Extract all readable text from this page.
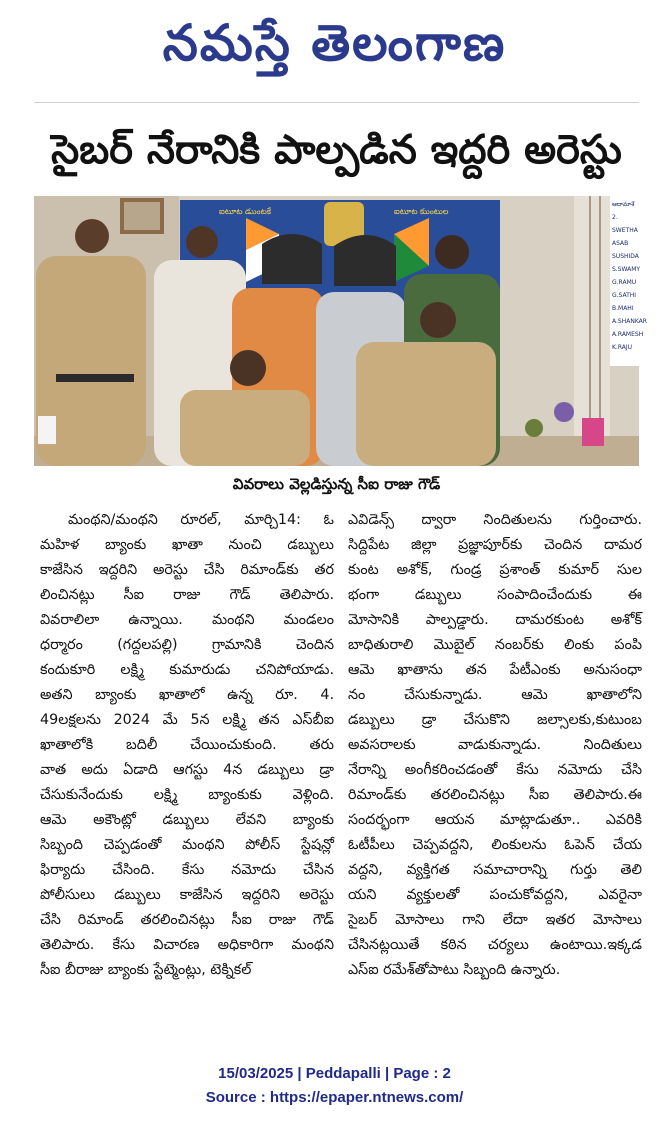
నమస్తే తెలంగాణ
సైబర్ నేరానికి పాల్పడిన ఇద్దరి అరెస్టు
ఐటూట డుుంటకే	ఐటూట కుుంటుల
ఆదామాశే
2.
SWETHA
ASAB
SUSHIDA
S.SWAMY
G.RAMU
G.SATHI
B.MAHI
A.SHANKAR
A.RAMESH
K.RAJU
వివరాలు వెల్లడిస్తున్న సీఐ రాజు గౌడ్

మంథని/మంథని రూరల్, మార్చి14: ఓ

మహిళ బ్యాంకు ఖాతా నుంచి డబ్బులు

కాజేసిన ఇద్దరిని అరెస్టు చేసి రిమాండ్‌కు తర

లించినట్లు సీఐ రాజు గౌడ్ తెలిపారు.

వివరాలిలా ఉన్నాయి. మంథని మండలం

ధర్మారం (గద్దలపల్లి) గ్రామానికి చెందిన

కందుకూరి లక్ష్మి కుమారుడు చనిపోయాడు.

అతని బ్యాంకు ఖాతాలో ఉన్న రూ. 4.

49లక్షలను 2024 మే 5న లక్ష్మి తన ఎస్‌బీఐ

ఖాతాలోకి బదిలీ చేయించుకుంది. తరు

వాత అదు ఏడాది ఆగస్టు 4న డబ్బులు డ్రా

చేసుకునేందుకు లక్ష్మి బ్యాంకుకు వెళ్లింది.

ఆమె అకౌంట్లో డబ్బులు లేవని బ్యాంకు

సిబ్బంది చెప్పడంతో మంథని పోలీస్ స్టేషన్లో

ఫిర్యాదు చేసింది. కేసు నమోదు చేసిన

పోలీసులు డబ్బులు కాజేసిన ఇద్దరిని అరెస్టు

చేసి రిమాండ్ తరలించినట్లు సీఐ రాజు గౌడ్

తెలిపారు. కేసు విచారణ అధికారిగా మంథని

సీఐ బీరాజు బ్యాంకు స్టేట్మెంట్లు, టెక్నికల్

ఎవిడెన్స్ ద్వారా నిందితులను గుర్తించారు.

సిద్దిపేట జిల్లా ప్రజ్ఞాపూర్‌కు చెందిన దామర

కుంట అశోక్, గుండ్ర ప్రశాంత్ కుమార్ సుల

భంగా డబ్బులు సంపాదించేందుకు ఈ

మోసానికి పాల్పడ్డారు. దామరకుంట అశోక్

బాధితురాలి మొబైల్ నంబర్‌కు లింకు పంపి

ఆమె ఖాతాను తన పేటీఎంకు అనుసంధా

నం చేసుకున్నాడు. ఆమె ఖాతాలోని

డబ్బులు డ్రా చేసుకొని జల్సాలకు,కుటుంబ

అవసరాలకు వాడుకున్నాడు. నిందితులు

నేరాన్ని అంగీకరించడంతో కేసు నమోదు చేసి

రిమాండ్‌కు తరలించినట్లు సీఐ తెలిపారు.ఈ

సందర్భంగా ఆయన మాట్లాడుతూ.. ఎవరికి

ఓటీపీలు చెప్పవద్దని, లింకులను ఓపెన్ చేయ

వద్దని, వ్యక్తిగత సమాచారాన్ని గుర్తు తెలి

యని వ్యక్తులతో పంచుకోవద్దని, ఎవరైనా

సైబర్ మోసాలు గాని లేదా ఇతర మోసాలు

చేసినట్లయితే కఠిన చర్యలు ఉంటాయి.ఇక్కడ

ఎస్ఐ రమేశ్‌తోపాటు సిబ్బంది ఉన్నారు.

15/03/2025 | Peddapalli | Page : 2
Source : https://epaper.ntnews.com/
